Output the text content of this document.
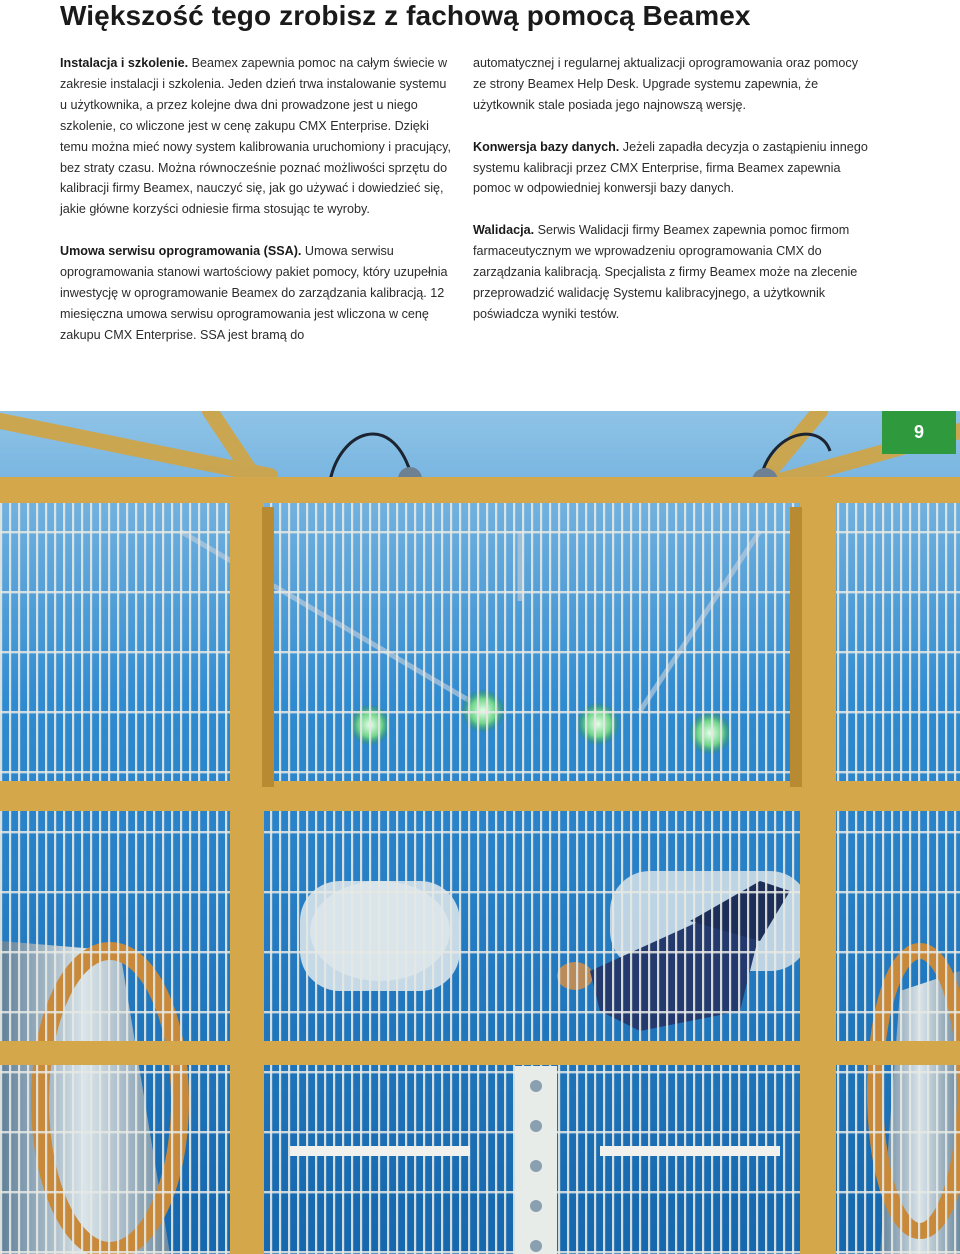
Większość tego zrobisz z fachową pomocą Beamex

Instalacja i szkolenie. Beamex zapewnia pomoc na całym świecie w zakresie instalacji i szkolenia. Jeden dzień trwa instalowanie systemu u użytkownika, a przez kolejne dwa dni prowadzone jest u niego szkolenie, co wliczone jest w cenę zakupu CMX Enterprise. Dzięki temu można mieć nowy system kalibrowania uruchomiony i pracujący, bez straty czasu. Można równocześnie poznać możliwości sprzętu do kalibracji firmy Beamex, nauczyć się, jak go używać i dowiedzieć się, jakie główne korzyści odniesie firma stosując te wyroby.

Umowa serwisu oprogramowania (SSA). Umowa serwisu oprogramowania stanowi wartościowy pakiet pomocy, który uzupełnia inwestycję w oprogramowanie Beamex do zarządzania kalibracją. 12 miesięczna umowa serwisu oprogramowania jest wliczona w cenę zakupu CMX Enterprise. SSA jest bramą do

automatycznej i regularnej aktualizacji oprogramowania oraz pomocy ze strony Beamex Help Desk. Upgrade systemu zapewnia, że użytkownik stale posiada jego najnowszą wersję.

Konwersja bazy danych. Jeżeli zapadła decyzja o zastąpieniu innego systemu kalibracji przez CMX Enterprise, firma Beamex zapewnia pomoc w odpowiedniej konwersji bazy danych.

Walidacja. Serwis Walidacji firmy Beamex zapewnia pomoc firmom farmaceutycznym we wprowadzeniu oprogramowania CMX do zarządzania kalibracją. Specjalista z firmy Beamex może na zlecenie przeprowadzić walidację Systemu kalibracyjnego, a użytkownik poświadcza wyniki testów.

9
